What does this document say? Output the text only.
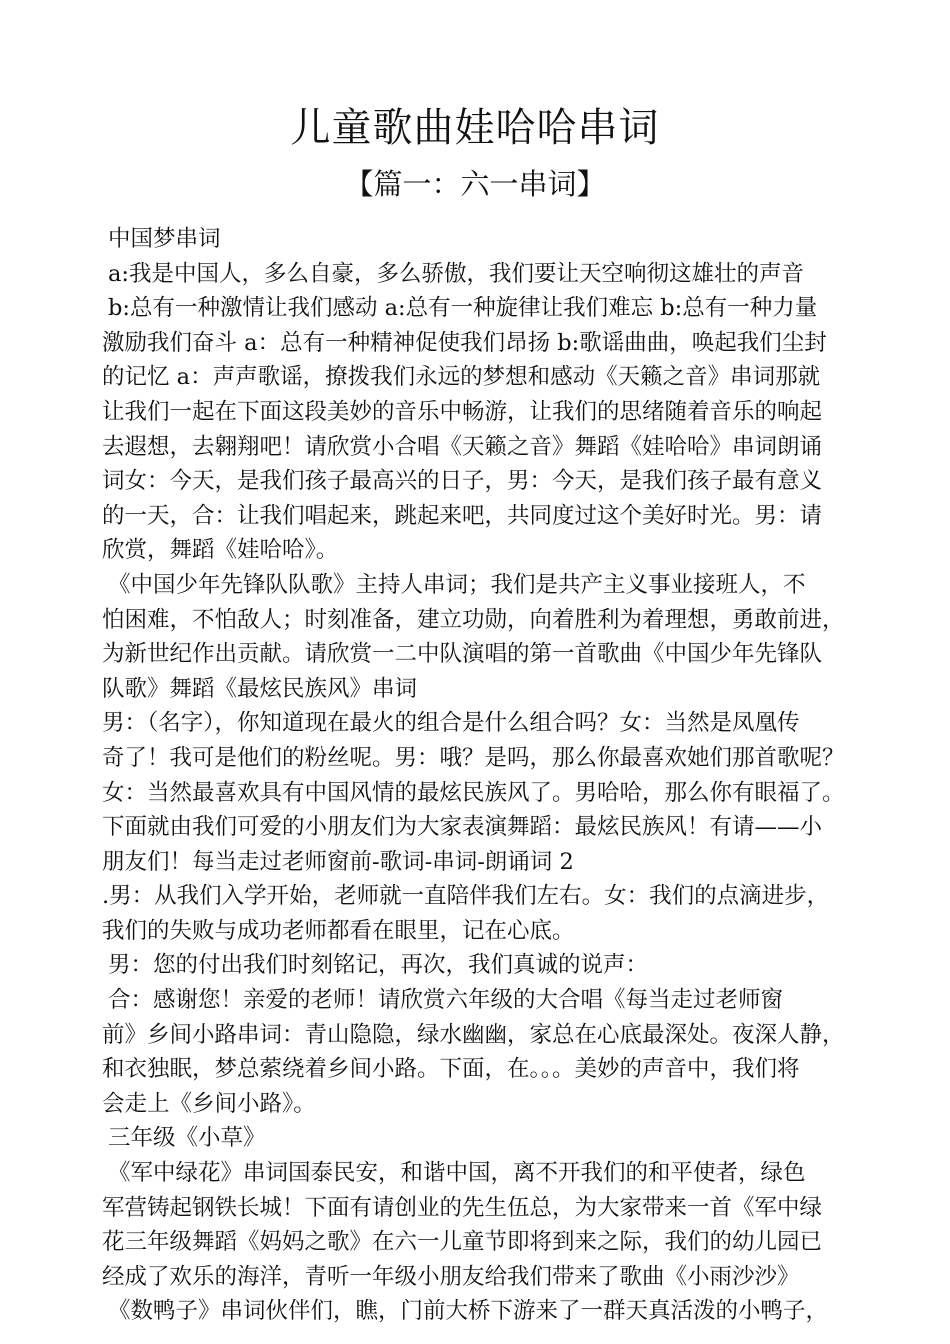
儿童歌曲娃哈哈串词
【篇一：六一串词】
中国梦串词
a:我是中国人，多么自豪，多么骄傲，我们要让天空响彻这雄壮的声音
b:总有一种激情让我们感动 a:总有一种旋律让我们难忘 b:总有一种力量
激励我们奋斗 a：总有一种精神促使我们昂扬 b:歌谣曲曲，唤起我们尘封
的记忆 a：声声歌谣，撩拨我们永远的梦想和感动《天籁之音》串词那就
让我们一起在下面这段美妙的音乐中畅游，让我们的思绪随着音乐的响起
去遐想，去翱翔吧！请欣赏小合唱《天籁之音》舞蹈《娃哈哈》串词朗诵
词女：今天，是我们孩子最高兴的日子，男：今天，是我们孩子最有意义
的一天，合：让我们唱起来，跳起来吧，共同度过这个美好时光。男：请
欣赏，舞蹈《娃哈哈》。
《中国少年先锋队队歌》主持人串词；我们是共产主义事业接班人，不
怕困难，不怕敌人；时刻准备，建立功勋，向着胜利为着理想，勇敢前进，
为新世纪作出贡献。请欣赏一二中队演唱的第一首歌曲《中国少年先锋队
队歌》舞蹈《最炫民族风》串词
男：（名字），你知道现在最火的组合是什么组合吗？女：当然是凤凰传
奇了！我可是他们的粉丝呢。男：哦？是吗，那么你最喜欢她们那首歌呢？
女：当然最喜欢具有中国风情的最炫民族风了。男哈哈，那么你有眼福了。
下面就由我们可爱的小朋友们为大家表演舞蹈：最炫民族风！有请——小
朋友们！每当走过老师窗前-歌词-串词-朗诵词 2
.男：从我们入学开始，老师就一直陪伴我们左右。女：我们的点滴进步，
我们的失败与成功老师都看在眼里，记在心底。
男：您的付出我们时刻铭记，再次，我们真诚的说声：
合：感谢您！亲爱的老师！请欣赏六年级的大合唱《每当走过老师窗
前》乡间小路串词：青山隐隐，绿水幽幽，家总在心底最深处。夜深人静，
和衣独眠，梦总萦绕着乡间小路。下面，在。。。美妙的声音中，我们将
会走上《乡间小路》。
三年级《小草》
《军中绿花》串词国泰民安，和谐中国，离不开我们的和平使者，绿色
军营铸起钢铁长城！下面有请创业的先生伍总，为大家带来一首《军中绿
花三年级舞蹈《妈妈之歌》在六一儿童节即将到来之际，我们的幼儿园已
经成了欢乐的海洋，青听一年级小朋友给我们带来了歌曲《小雨沙沙》
《数鸭子》串词伙伴们，瞧，门前大桥下游来了一群天真活泼的小鸭子，
